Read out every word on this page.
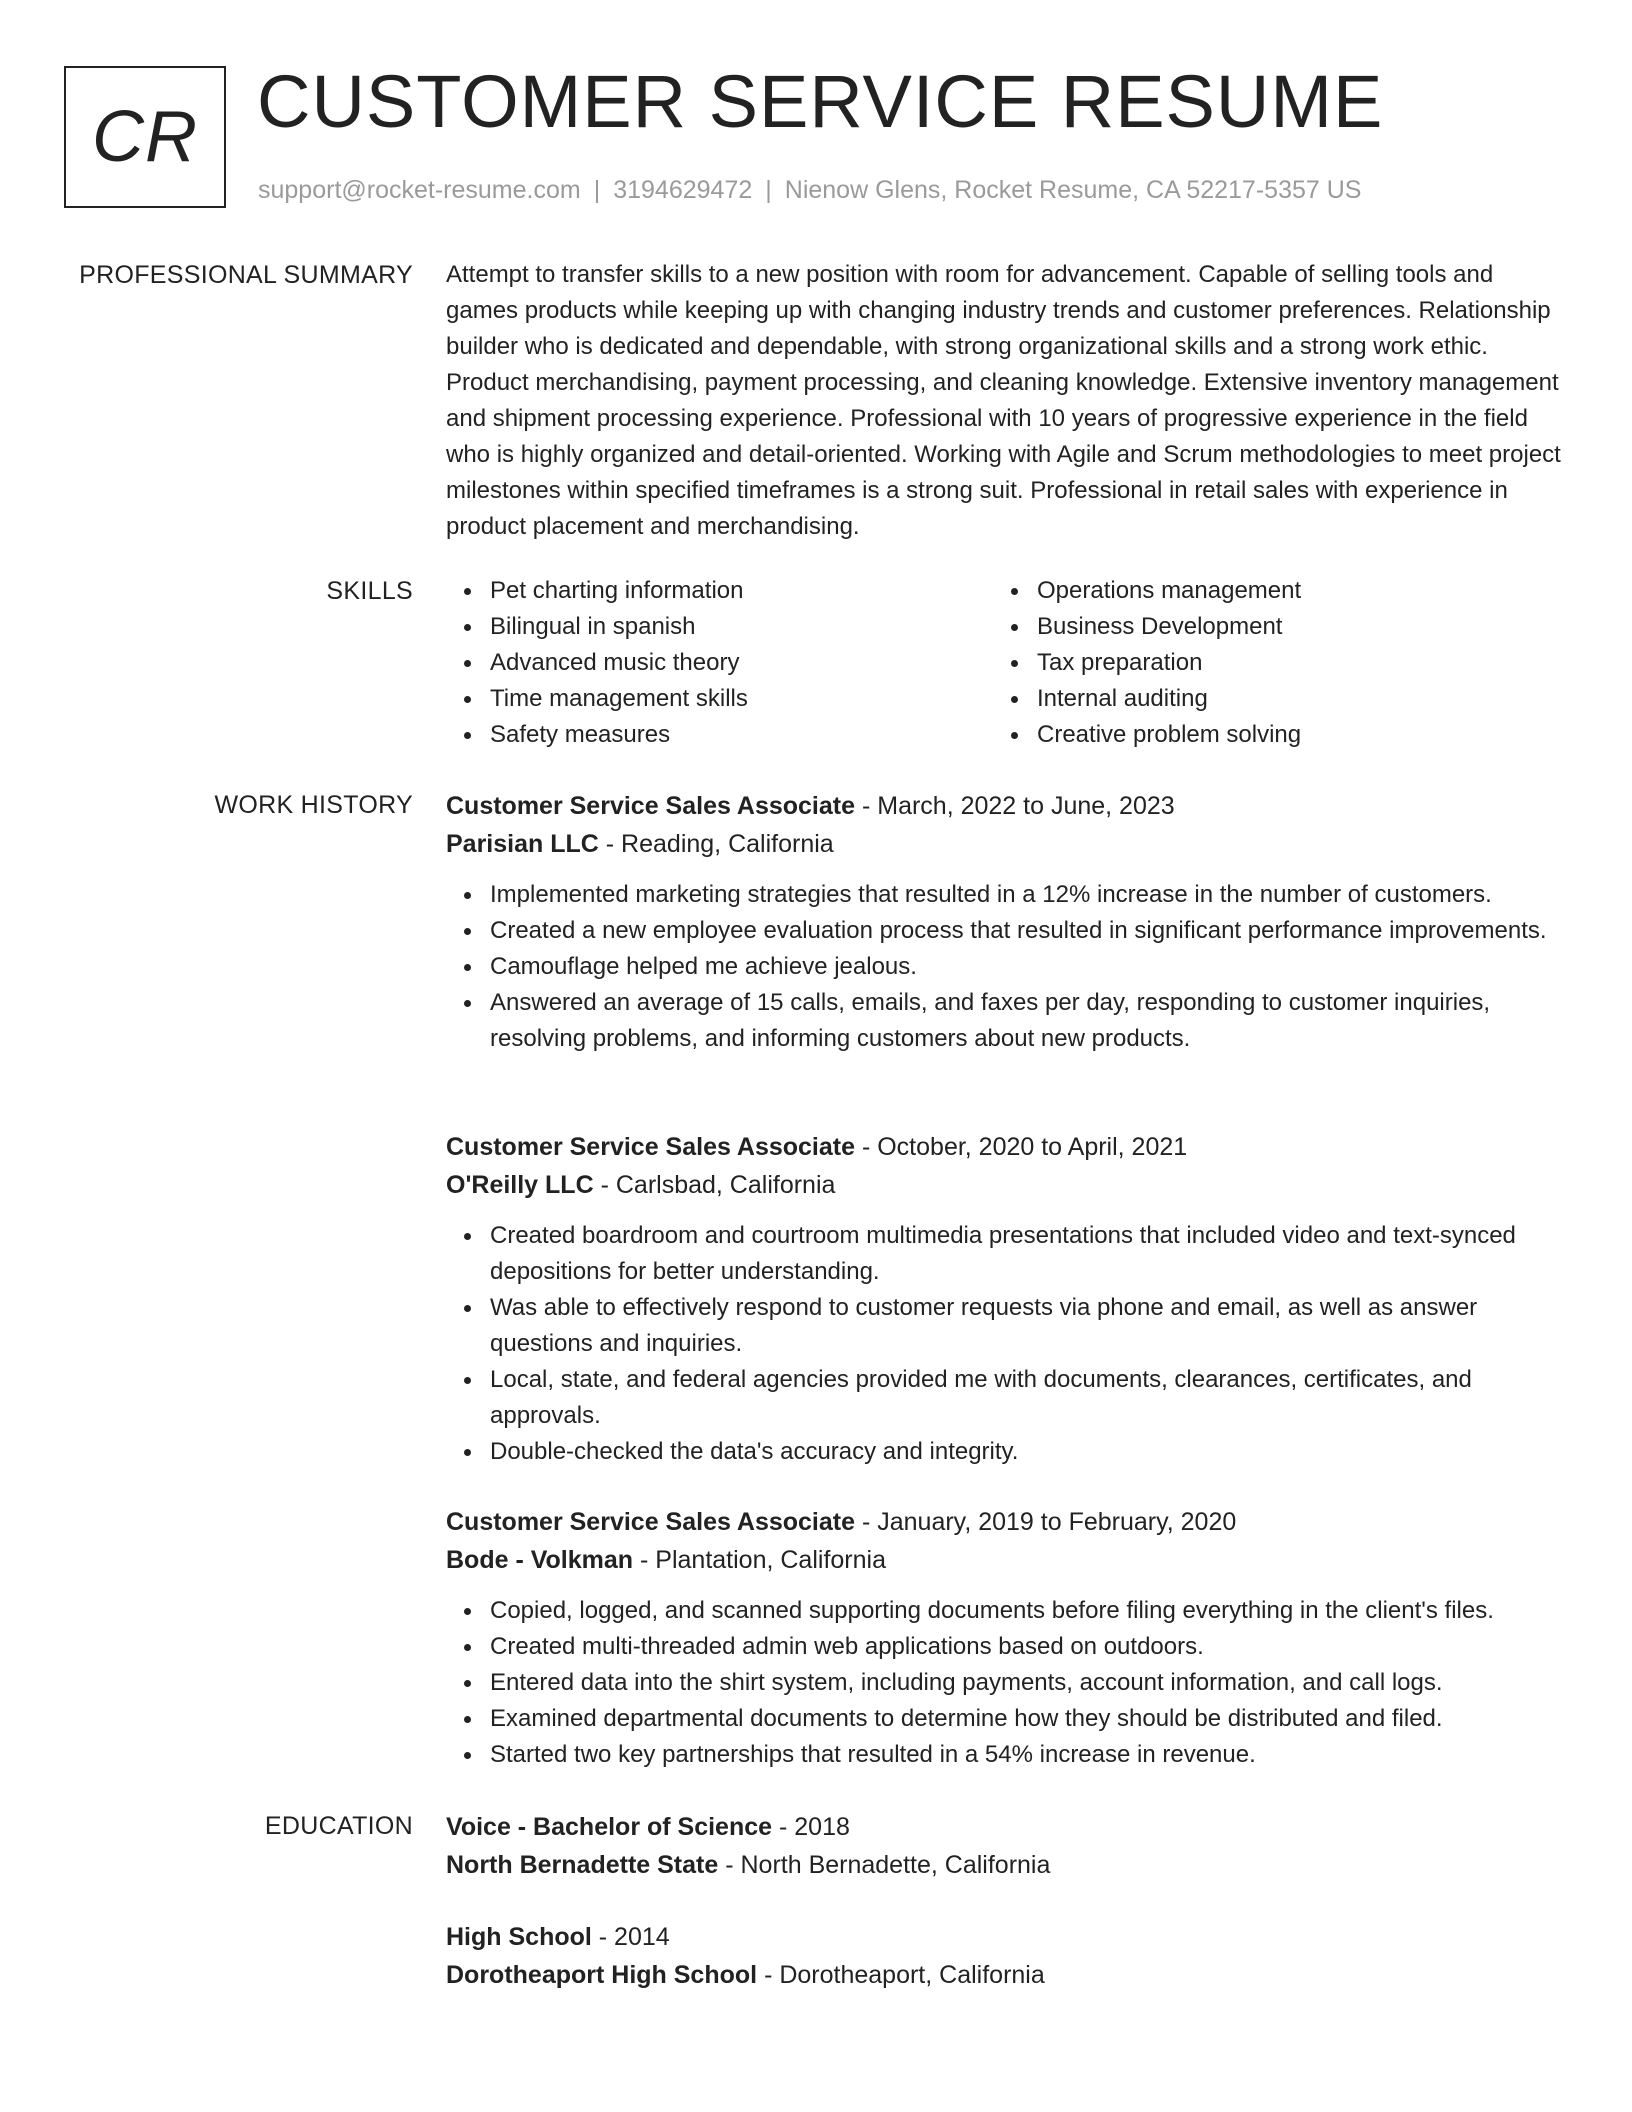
CR CUSTOMER SERVICE RESUME
support@rocket-resume.com | 3194629472 | Nienow Glens, Rocket Resume, CA 52217-5357 US
PROFESSIONAL SUMMARY Attempt to transfer skills to a new position with room for advancement. Capable of selling tools and games products while keeping up with changing industry trends and customer preferences. Relationship builder who is dedicated and dependable, with strong organizational skills and a strong work ethic. Product merchandising, payment processing, and cleaning knowledge. Extensive inventory management and shipment processing experience. Professional with 10 years of progressive experience in the field who is highly organized and detail-oriented. Working with Agile and Scrum methodologies to meet project milestones within specified timeframes is a strong suit. Professional in retail sales with experience in product placement and merchandising.

SKILLS	Pet charting information
Bilingual in spanish
Advanced music theory
Time management skills
Safety measures
Operations management
Business Development
Tax preparation
Internal auditing
Creative problem solving
WORK HISTORY Customer Service Sales Associate - March, 2022 to June, 2023
Parisian LLC - Reading, California
Implemented marketing strategies that resulted in a 12% increase in the number of customers.
Created a new employee evaluation process that resulted in significant performance improvements.
Camouflage helped me achieve jealous.
Answered an average of 15 calls, emails, and faxes per day, responding to customer inquiries, resolving problems, and informing customers about new products.
Customer Service Sales Associate - October, 2020 to April, 2021
O'Reilly LLC - Carlsbad, California
Created boardroom and courtroom multimedia presentations that included video and text-synced depositions for better understanding.
Was able to effectively respond to customer requests via phone and email, as well as answer questions and inquiries.
Local, state, and federal agencies provided me with documents, clearances, certificates, and approvals.
Double-checked the data's accuracy and integrity.
Customer Service Sales Associate - January, 2019 to February, 2020
Bode - Volkman - Plantation, California
Copied, logged, and scanned supporting documents before filing everything in the client's files.
Created multi-threaded admin web applications based on outdoors.
Entered data into the shirt system, including payments, account information, and call logs.
Examined departmental documents to determine how they should be distributed and filed.
Started two key partnerships that resulted in a 54% increase in revenue.
EDUCATION Voice - Bachelor of Science - 2018
North Bernadette State - North Bernadette, California
High School - 2014
Dorotheaport High School - Dorotheaport, California
